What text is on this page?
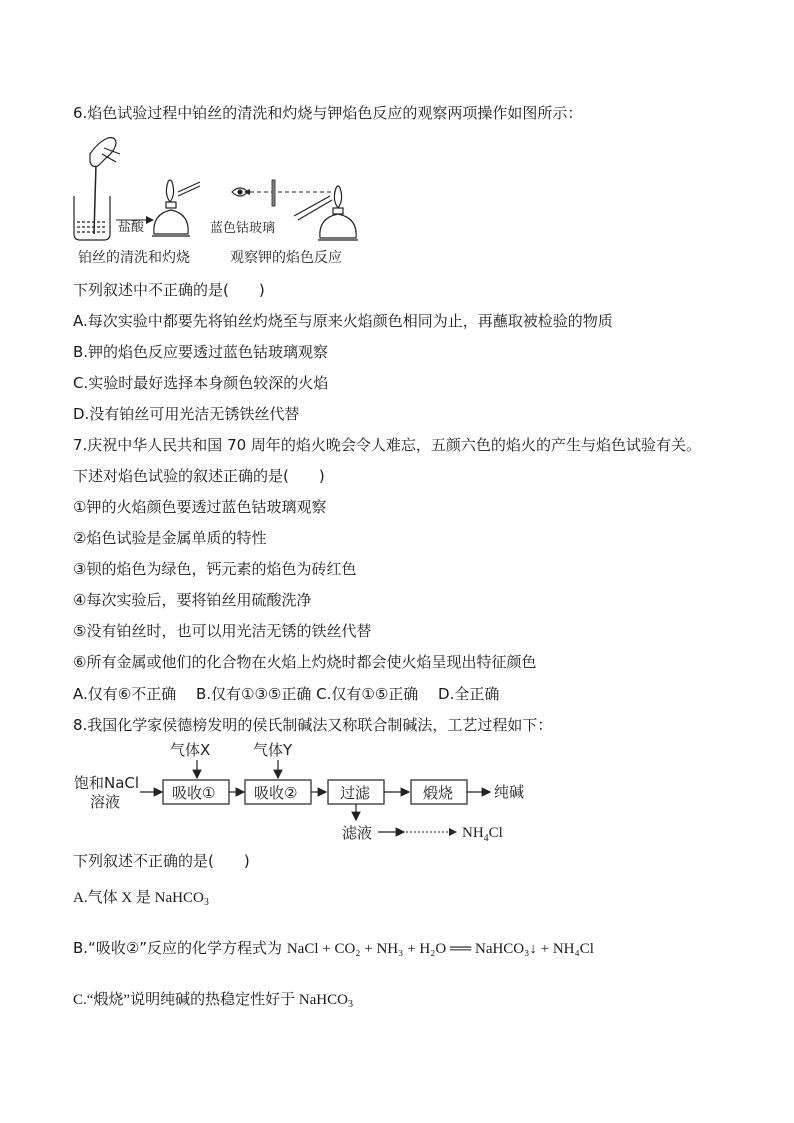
6.焰色试验过程中铂丝的清洗和灼烧与钾焰色反应的观察两项操作如图所示：
盐酸	蓝色钴玻璃
铂丝的清洗和灼烧	观察钾的焰色反应
下列叙述中不正确的是(　　)
A.每次实验中都要先将铂丝灼烧至与原来火焰颜色相同为止，再蘸取被检验的物质
B.钾的焰色反应要透过蓝色钴玻璃观察
C.实验时最好选择本身颜色较深的火焰
D.没有铂丝可用光洁无锈铁丝代替
7.庆祝中华人民共和国 70 周年的焰火晚会令人难忘，五颜六色的焰火的产生与焰色试验有关。
下述对焰色试验的叙述正确的是(　　)
①钾的火焰颜色要透过蓝色钴玻璃观察
②焰色试验是金属单质的特性
③钡的焰色为绿色，钙元素的焰色为砖红色
④每次实验后，要将铂丝用硫酸洗净
⑤没有铂丝时，也可以用光洁无锈的铁丝代替
⑥所有金属或他们的化合物在火焰上灼烧时都会使火焰呈现出特征颜色
A.仅有⑥不正确　 B.仅有①③⑤正确 C.仅有①⑤正确　 D.全正确
8.我国化学家侯德榜发明的侯氏制碱法又称联合制碱法，工艺过程如下：
饱和NaCl
溶液
气体X
吸收①
气体Y
吸收②	过滤	煅烧	纯碱
滤液	$NH_4Cl$
下列叙述不正确的是(　　)
A.气体 X 是 NaHCO$_3$
B.“吸收②”反应的化学方程式为 NaCl + CO₂ + NH₃ + H₂O ══ NaHCO₃↓ + NH₄Cl
C.“煅烧”说明纯碱的热稳定性好于 NaHCO$_3$
